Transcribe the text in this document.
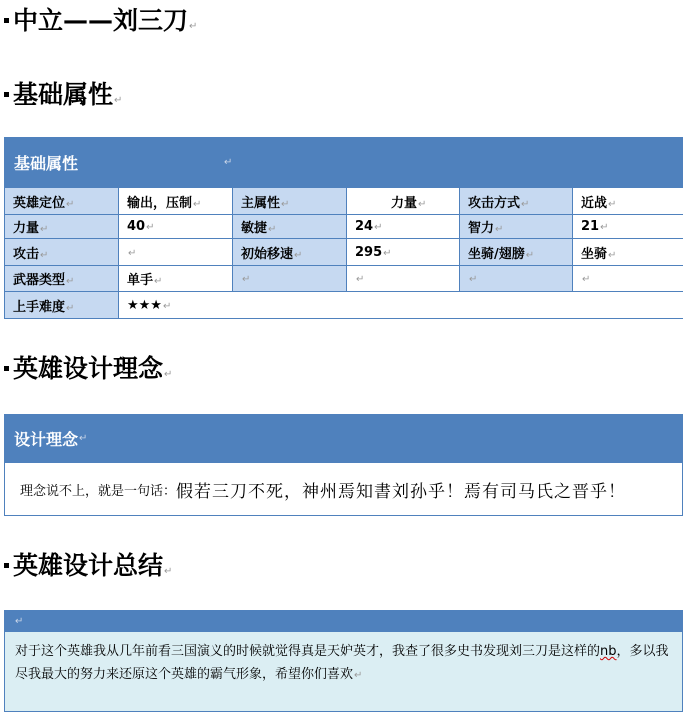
中立——刘三刀↵
基础属性↵
基础属性	↵
英雄定位↵	输出，压制↵	主属性↵	力量↵	攻击方式↵	近战↵
力量↵	40↵	敏捷↵	24↵	智力↵	21↵
攻击↵	↵	初始移速↵	295↵	坐骑/翅膀↵	坐骑↵
武器类型↵	单手↵	↵	↵	↵	↵
上手难度↵	★★★↵				
英雄设计理念↵
设计理念 ↵
理念说不上，就是一句话： 假若三刀不死，神州焉知書刘孙乎！焉有司马氏之晋乎！
英雄设计总结↵
↵
对于这个英雄我从几年前看三国演义的时候就觉得真是天妒英才，我查了很多史书发现刘三刀是这样的nb，多以我尽我最大的努力来还原这个英雄的霸气形象，希望你们喜欢↵
